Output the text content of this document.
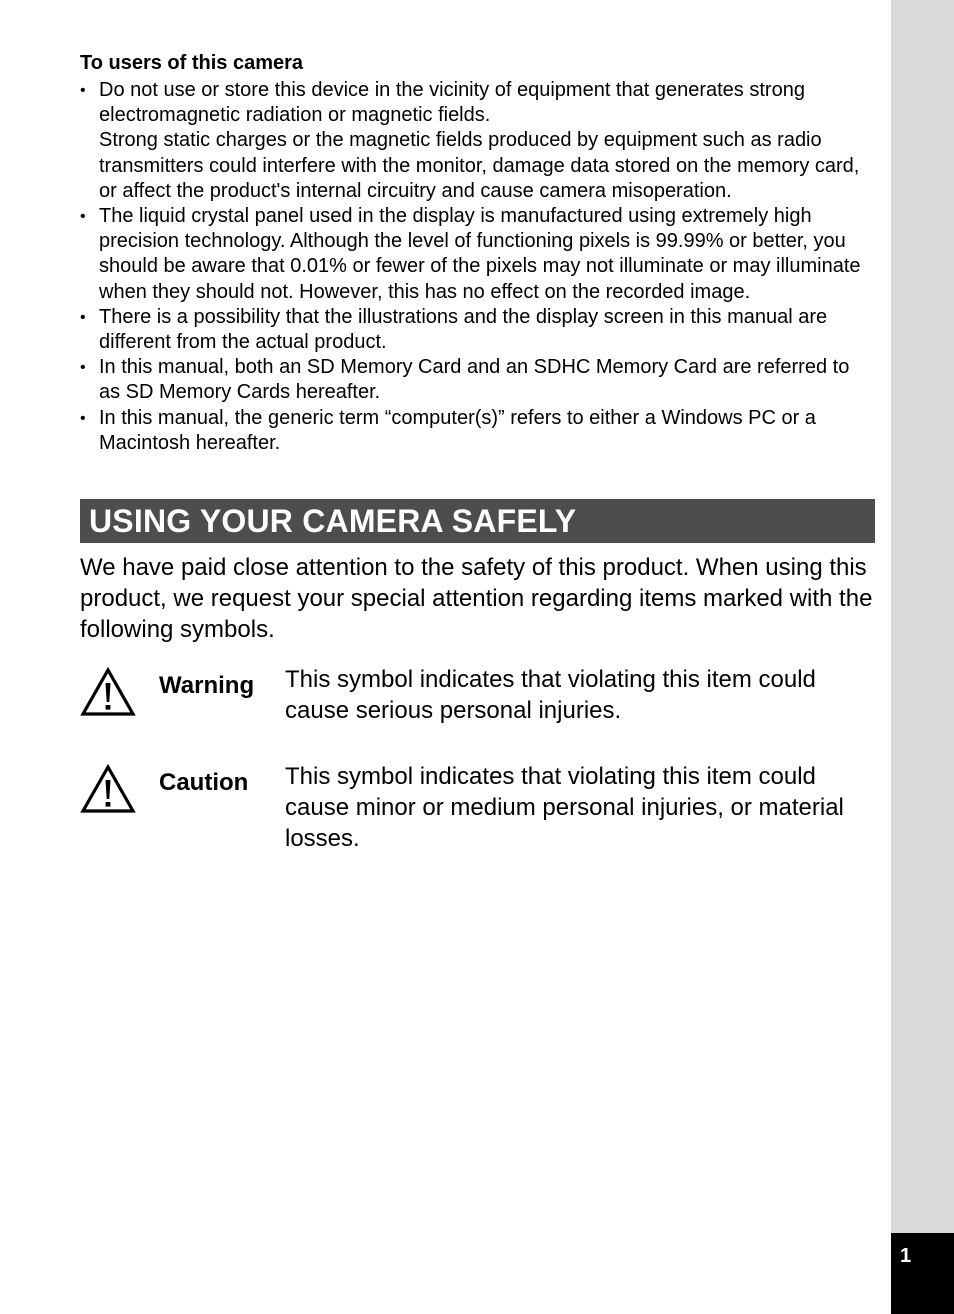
1
To users of this camera
• Do not use or store this device in the vicinity of equipment that generates strong electromagnetic radiation or magnetic fields.
Strong static charges or the magnetic fields produced by equipment such as radio transmitters could interfere with the monitor, damage data stored on the memory card, or affect the product's internal circuitry and cause camera misoperation.
• The liquid crystal panel used in the display is manufactured using extremely high precision technology. Although the level of functioning pixels is 99.99% or better, you should be aware that 0.01% or fewer of the pixels may not illuminate or may illuminate when they should not. However, this has no effect on the recorded image.
• There is a possibility that the illustrations and the display screen in this manual are different from the actual product.
• In this manual, both an SD Memory Card and an SDHC Memory Card are referred to as SD Memory Cards hereafter.
• In this manual, the generic term “computer(s)” refers to either a Windows PC or a Macintosh hereafter.
USING YOUR CAMERA SAFELY
We have paid close attention to the safety of this product. When using this product, we request your special attention regarding items marked with the following symbols.
Warning	This symbol indicates that violating this item could cause serious personal injuries.
Caution	This symbol indicates that violating this item could cause minor or medium personal injuries, or material losses.
